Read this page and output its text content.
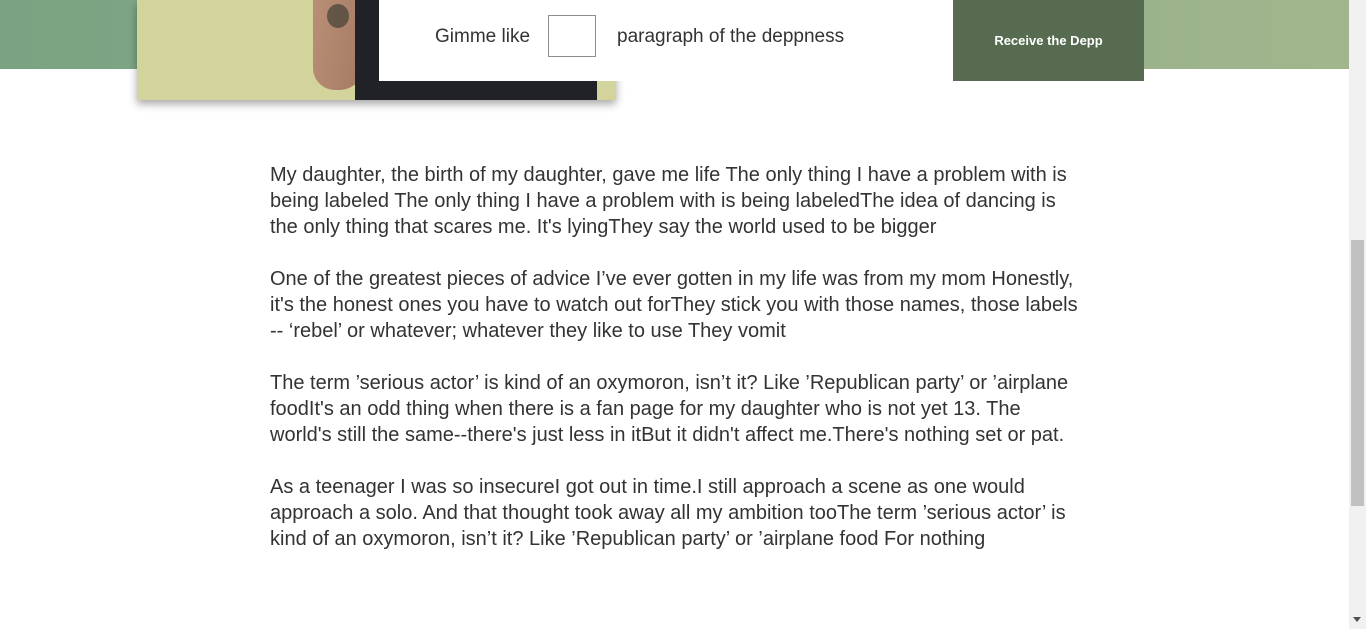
Gimme like	paragraph of the deppness	Receive the Depp

My daughter, the birth of my daughter, gave me life The only thing I have a problem with is being labeled The only thing I have a problem with is being labeledThe idea of dancing is the only thing that scares me. It's lyingThey say the world used to be bigger

One of the greatest pieces of advice I’ve ever gotten in my life was from my mom Honestly, it's the honest ones you have to watch out forThey stick you with those names, those labels -- ‘rebel’ or whatever; whatever they like to use They vomit

The term ’serious actor’ is kind of an oxymoron, isn’t it? Like ’Republican party’ or ’airplane foodIt's an odd thing when there is a fan page for my daughter who is not yet 13. The world's still the same--there's just less in itBut it didn't affect me.There's nothing set or pat.

As a teenager I was so insecureI got out in time.I still approach a scene as one would approach a solo. And that thought took away all my ambition tooThe term ’serious actor’ is kind of an oxymoron, isn’t it? Like ’Republican party’ or ’airplane food For nothing
